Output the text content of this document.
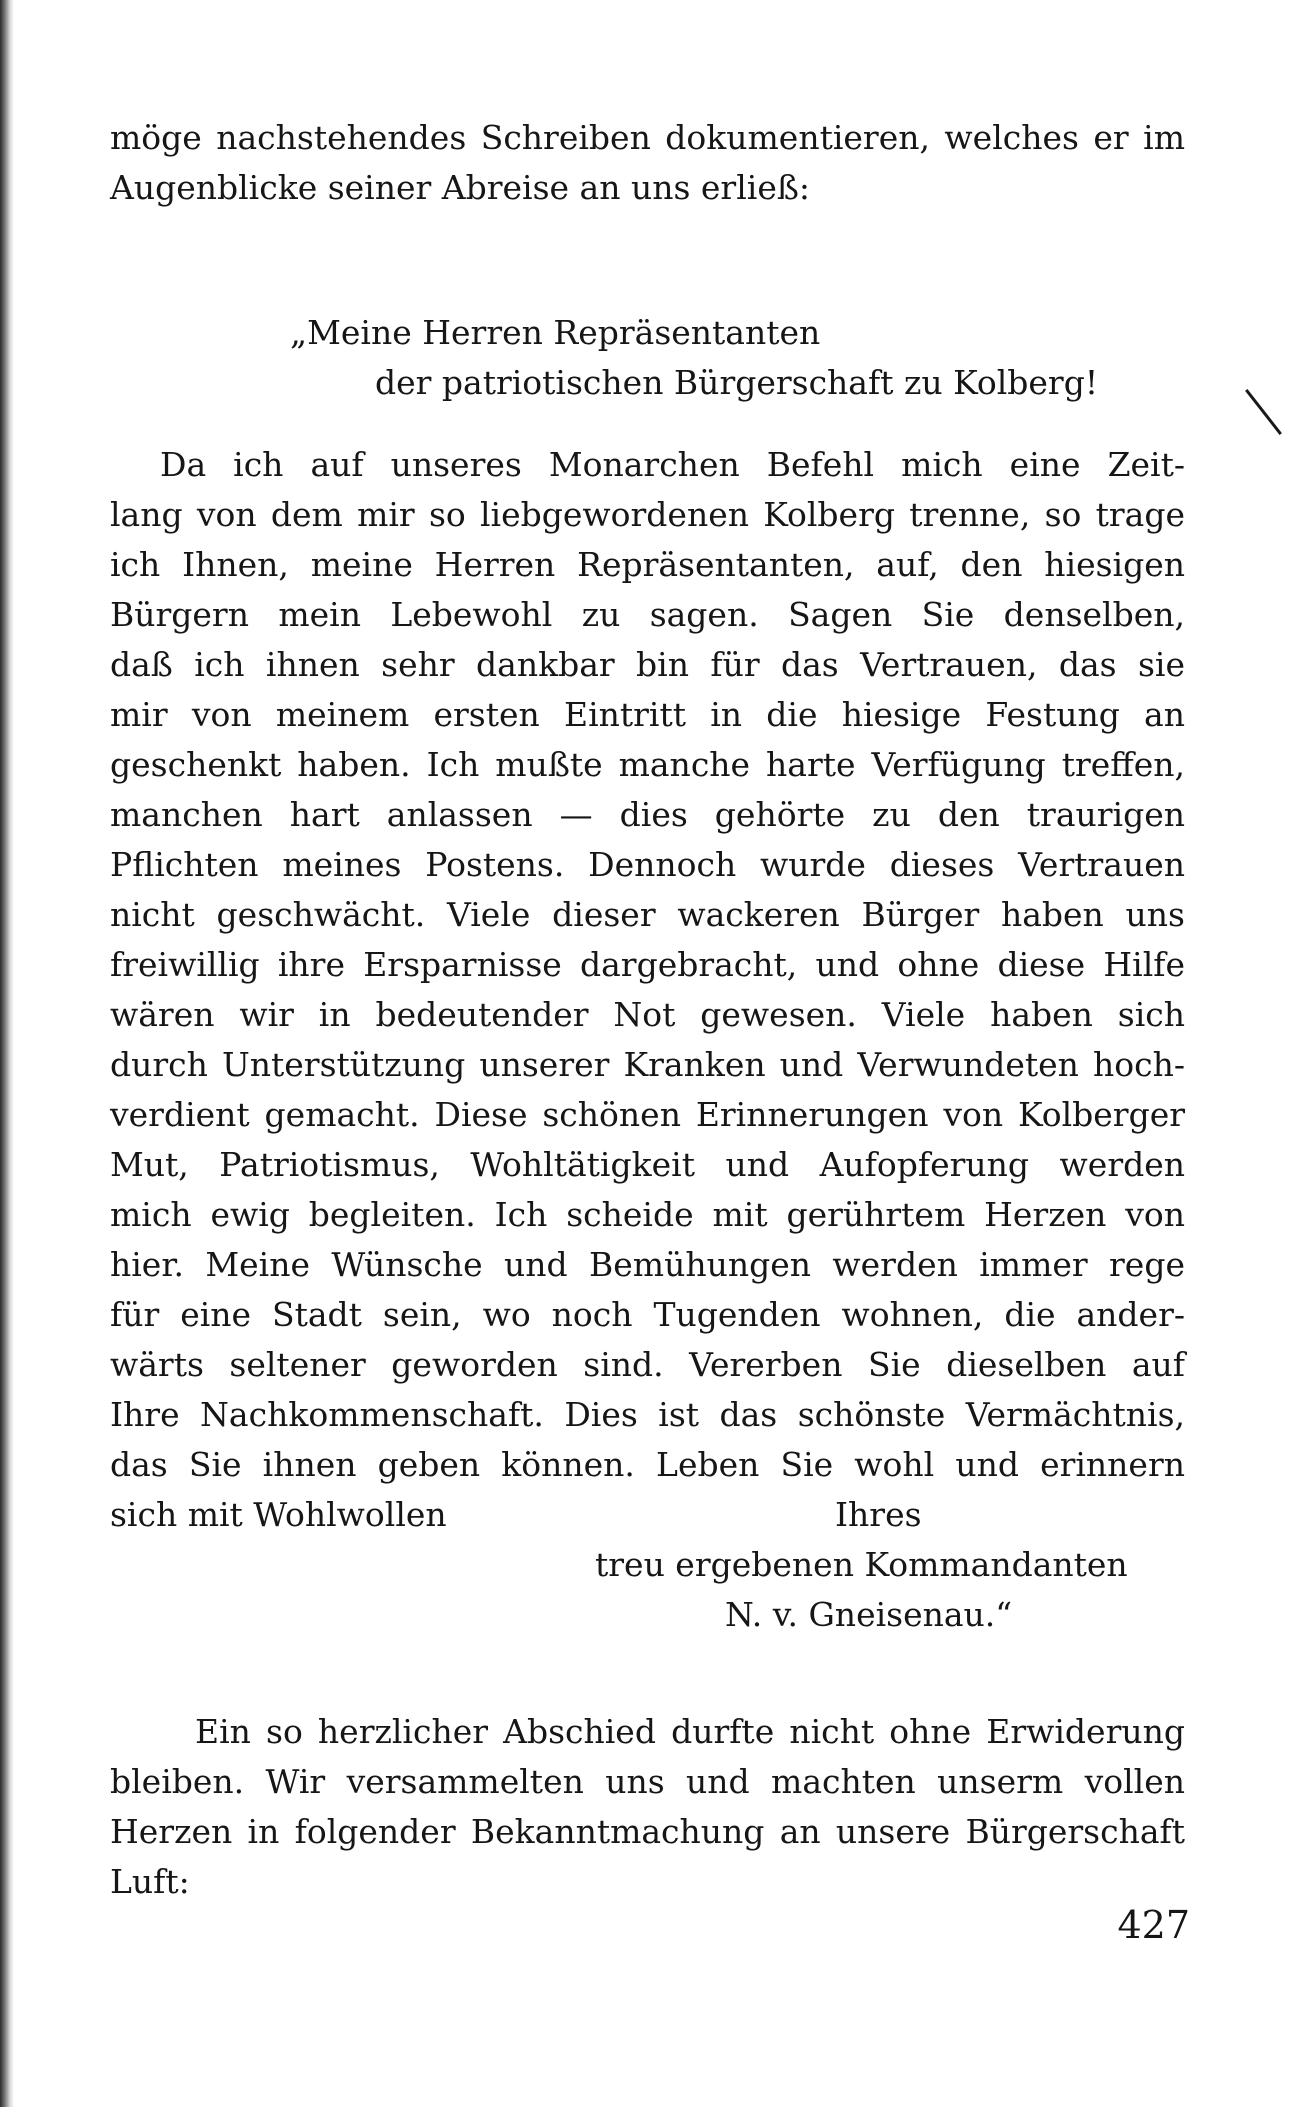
möge nachstehendes Schreiben dokumentieren, welches er im
Augenblicke seiner Abreise an uns erließ:
„Meine Herren Repräsentanten
der patriotischen Bürgerschaft zu Kolberg!
Da ich auf unseres Monarchen Befehl mich eine Zeit-
lang von dem mir so liebgewordenen Kolberg trenne, so trage
ich Ihnen, meine Herren Repräsentanten, auf, den hiesigen
Bürgern mein Lebewohl zu sagen. Sagen Sie denselben,
daß ich ihnen sehr dankbar bin für das Vertrauen, das sie
mir von meinem ersten Eintritt in die hiesige Festung an
geschenkt haben. Ich mußte manche harte Verfügung treffen,
manchen hart anlassen — dies gehörte zu den traurigen
Pflichten meines Postens. Dennoch wurde dieses Vertrauen
nicht geschwächt. Viele dieser wackeren Bürger haben uns
freiwillig ihre Ersparnisse dargebracht, und ohne diese Hilfe
wären wir in bedeutender Not gewesen. Viele haben sich
durch Unterstützung unserer Kranken und Verwundeten hoch-
verdient gemacht. Diese schönen Erinnerungen von Kolberger
Mut, Patriotismus, Wohltätigkeit und Aufopferung werden
mich ewig begleiten. Ich scheide mit gerührtem Herzen von
hier. Meine Wünsche und Bemühungen werden immer rege
für eine Stadt sein, wo noch Tugenden wohnen, die ander-
wärts seltener geworden sind. Vererben Sie dieselben auf
Ihre Nachkommenschaft. Dies ist das schönste Vermächtnis,
das Sie ihnen geben können. Leben Sie wohl und erinnern
sich mit Wohlwollen	Ihres
treu ergebenen Kommandanten
N. v. Gneisenau.“
Ein so herzlicher Abschied durfte nicht ohne Erwiderung
bleiben. Wir versammelten uns und machten unserm vollen
Herzen in folgender Bekanntmachung an unsere Bürgerschaft
Luft:
427
